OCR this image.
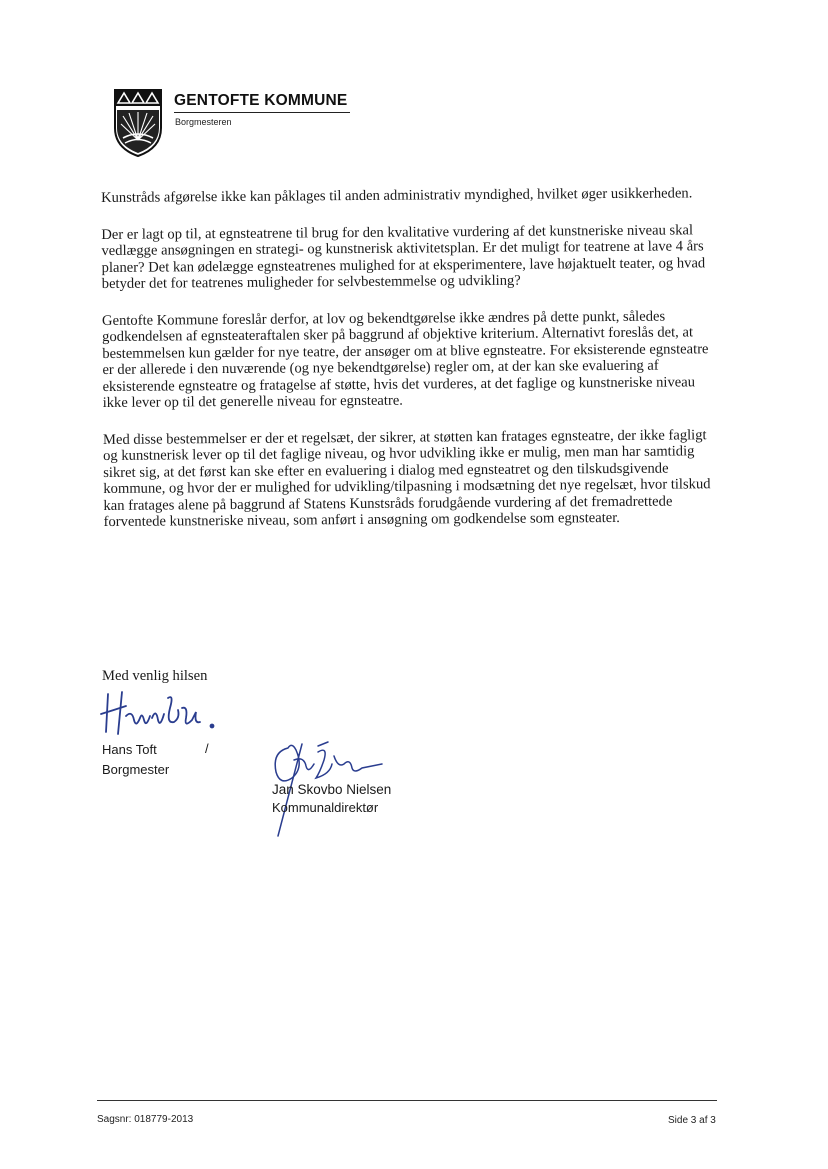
GENTOFTE KOMMUNE
Borgmesteren

Kunstråds afgørelse ikke kan påklages til anden administrativ myndighed, hvilket øger usikkerheden.

Der er lagt op til, at egnsteatrene til brug for den kvalitative vurdering af det kunstneriske niveau skal vedlægge ansøgningen en strategi- og kunstnerisk aktivitetsplan. Er det muligt for teatrene at lave 4 års planer? Det kan ødelægge egnsteatrenes mulighed for at eksperimentere, lave højaktuelt teater, og hvad betyder det for teatrenes muligheder for selvbestemmelse og udvikling?

Gentofte Kommune foreslår derfor, at lov og bekendtgørelse ikke ændres på dette punkt, således godkendelsen af egnsteateraftalen sker på baggrund af objektive kriterium. Alternativt foreslås det, at bestemmelsen kun gælder for nye teatre, der ansøger om at blive egnsteatre. For eksisterende egnsteatre er der allerede i den nuværende (og nye bekendtgørelse) regler om, at der kan ske evaluering af eksisterende egnsteatre og fratagelse af støtte, hvis det vurderes, at det faglige og kunstneriske niveau ikke lever op til det generelle niveau for egnsteatre.

Med disse bestemmelser er der et regelsæt, der sikrer, at støtten kan fratages egnsteatre, der ikke fagligt og kunstnerisk lever op til det faglige niveau, og hvor udvikling ikke er mulig, men man har samtidig sikret sig, at det først kan ske efter en evaluering i dialog med egnsteatret og den tilskudsgivende kommune, og hvor der er mulighed for udvikling/tilpasning i modsætning det nye regelsæt, hvor tilskud kan fratages alene på baggrund af Statens Kunstsråds forudgående vurdering af det fremadrettede forventede kunstneriske niveau, som anført i ansøgning om godkendelse som egnsteater.

Med venlig hilsen
Hans Toft	/
Borgmester
Jan Skovbo Nielsen
Kommunaldirektør
Sagsnr: 018779-2013	Side 3 af 3
